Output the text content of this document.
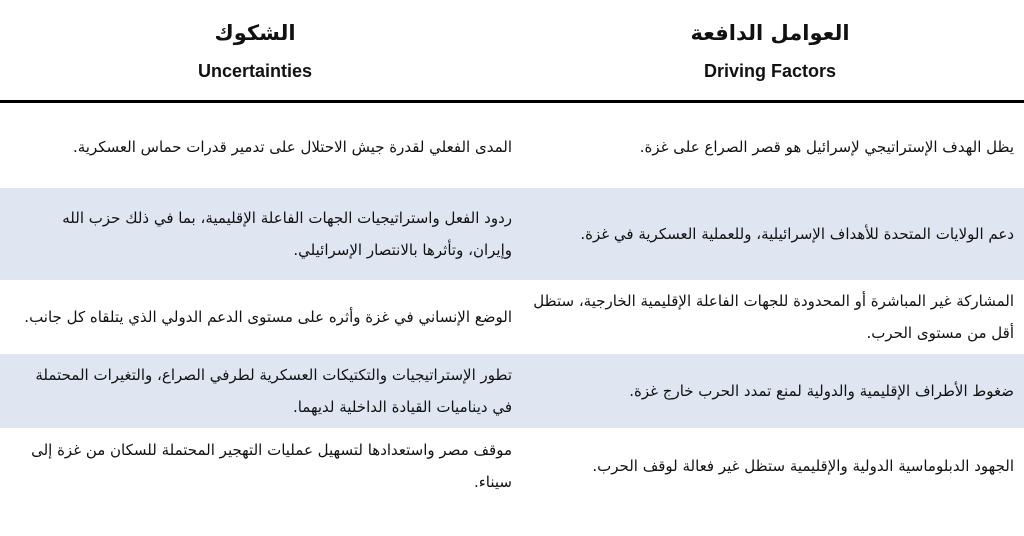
الشكوك
Uncertainties
العوامل الدافعة
Driving Factors
المدى الفعلي لقدرة جيش الاحتلال على تدمير قدرات حماس العسكرية.	يظل الهدف الإستراتيجي لإسرائيل هو قصر الصراع على غزة.
ردود الفعل واستراتيجيات الجهات الفاعلة الإقليمية، بما في ذلك حزب الله وإيران، وتأثرها بالانتصار الإسرائيلي.
دعم الولايات المتحدة للأهداف الإسرائيلية، وللعملية العسكرية في غزة.
الوضع الإنساني في غزة وأثره على مستوى الدعم الدولي الذي يتلقاه كل جانب.
المشاركة غير المباشرة أو المحدودة للجهات الفاعلة الإقليمية الخارجية، ستظل أقل من مستوى الحرب.
تطور الإستراتيجيات والتكتيكات العسكرية لطرفي الصراع، والتغيرات المحتملة في ديناميات القيادة الداخلية لديهما.
ضغوط الأطراف الإقليمية والدولية لمنع تمدد الحرب خارج غزة.
موقف مصر واستعدادها لتسهيل عمليات التهجير المحتملة للسكان من غزة إلى سيناء.
الجهود الدبلوماسية الدولية والإقليمية ستظل غير فعالة لوقف الحرب.
